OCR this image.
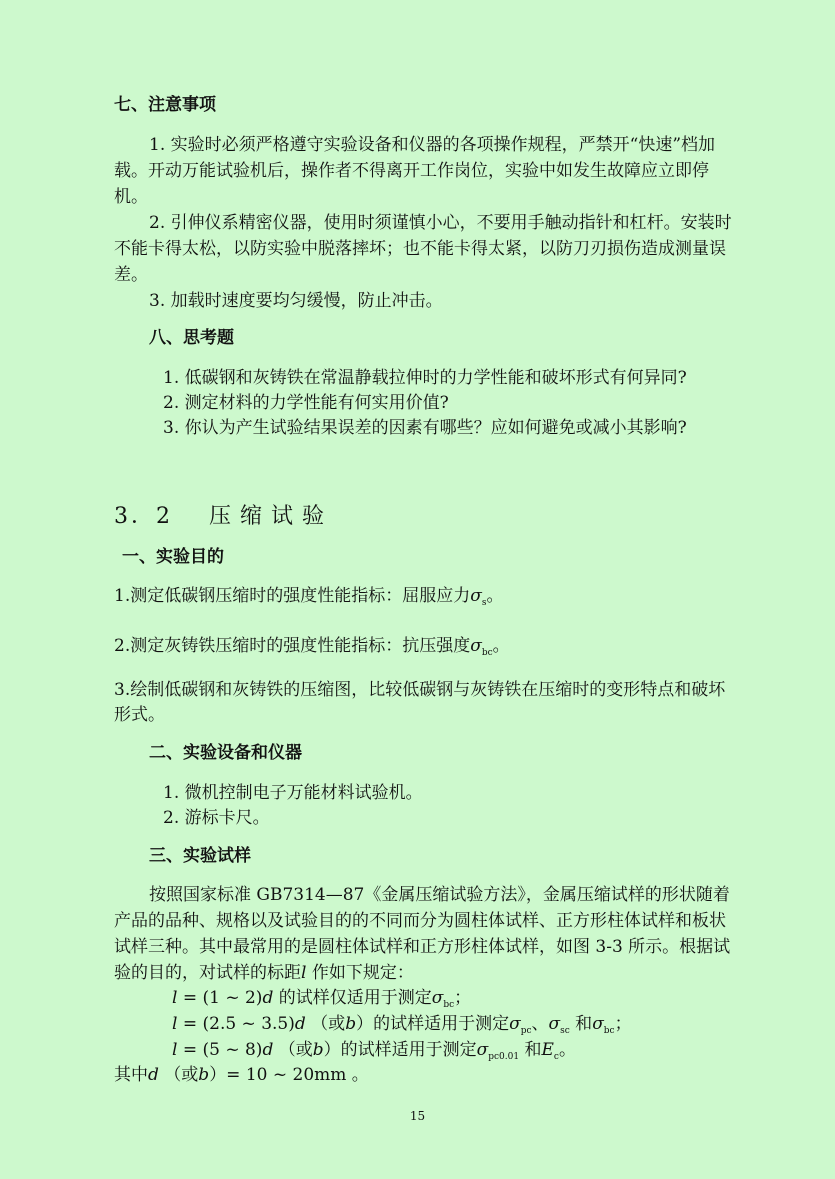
七、注意事项
1. 实验时必须严格遵守实验设备和仪器的各项操作规程，严禁开“快速”档加
载。开动万能试验机后，操作者不得离开工作岗位，实验中如发生故障应立即停
机。
2. 引伸仪系精密仪器，使用时须谨慎小心，不要用手触动指针和杠杆。安装时
不能卡得太松，以防实验中脱落摔坏；也不能卡得太紧，以防刀刃损伤造成测量误
差。
3. 加载时速度要均匀缓慢，防止冲击。
八、思考题
1. 低碳钢和灰铸铁在常温静载拉伸时的力学性能和破坏形式有何异同?
2. 测定材料的力学性能有何实用价值?
3. 你认为产生试验结果误差的因素有哪些？应如何避免或减小其影响?
3．2 压缩试验
一、实验目的
1.测定低碳钢压缩时的强度性能指标：屈服应力$\sigma_s$。
2.测定灰铸铁压缩时的强度性能指标：抗压强度$\sigma_{bc}$。
3.绘制低碳钢和灰铸铁的压缩图，比较低碳钢与灰铸铁在压缩时的变形特点和破坏
形式。
二、实验设备和仪器
1. 微机控制电子万能材料试验机。
2. 游标卡尺。
三、实验试样
按照国家标准 GB7314—87《金属压缩试验方法》，金属压缩试样的形状随着
产品的品种、规格以及试验目的的不同而分为圆柱体试样、正方形柱体试样和板状
试样三种。其中最常用的是圆柱体试样和正方形柱体试样，如图 3-3 所示。根据试
验的目的，对试样的标距l 作如下规定：
l = (1 ~ 2)d 的试样仅适用于测定$\sigma_{bc}$；
l = (2.5 ~ 3.5)d （或b）的试样适用于测定$\sigma_{pc}$、$\sigma_{sc}$ 和$\sigma_{bc}$；
l = (5 ~ 8)d （或b）的试样适用于测定$\sigma_{pc0.01}$ 和$E_c$。
其中d （或b）= 10 ~ 20mm 。
15
